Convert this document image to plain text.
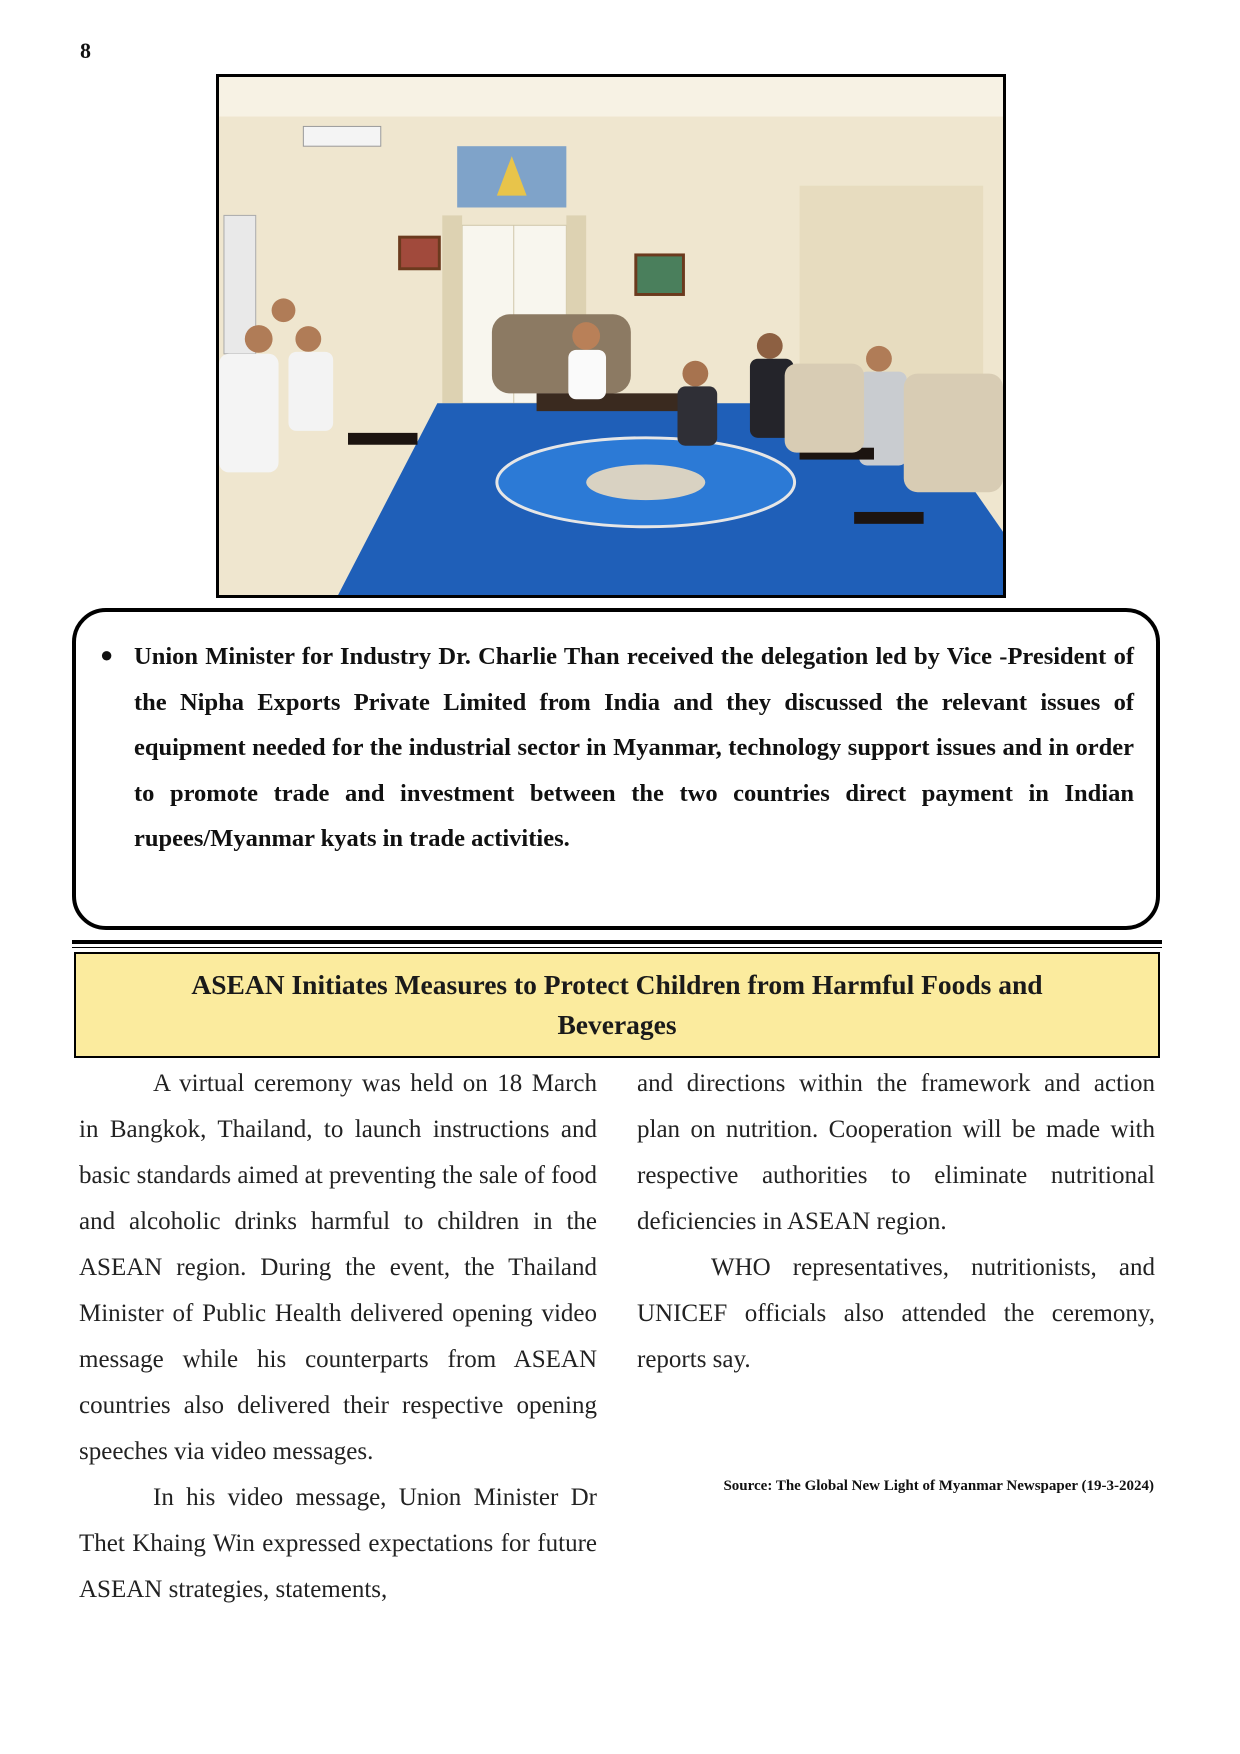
8
● Union Minister for Industry Dr. Charlie Than received the delegation led by Vice -President of the Nipha Exports Private Limited from India and they discussed the relevant issues of equipment needed for the industrial sector in Myanmar, technology support issues and in order to promote trade and investment between the two countries direct payment in Indian rupees/Myanmar kyats in trade activities.
ASEAN Initiates Measures to Protect Children from Harmful Foods and Beverages

A virtual ceremony was held on 18 March in Bangkok, Thailand, to launch instructions and basic standards aimed at preventing the sale of food and alcoholic drinks harmful to children in the ASEAN region. During the event, the Thailand Minister of Public Health delivered opening video message while his counterparts from ASEAN countries also delivered their respective opening speeches via video messages.

In his video message, Union Minister Dr Thet Khaing Win expressed expectations for future ASEAN strategies, statements,

and directions within the framework and action plan on nutrition. Cooperation will be made with respective authorities to eliminate nutritional deficiencies in ASEAN region.

WHO representatives, nutritionists, and UNICEF officials also attended the ceremony, reports say.

Source: The Global New Light of Myanmar Newspaper (19-3-2024)
